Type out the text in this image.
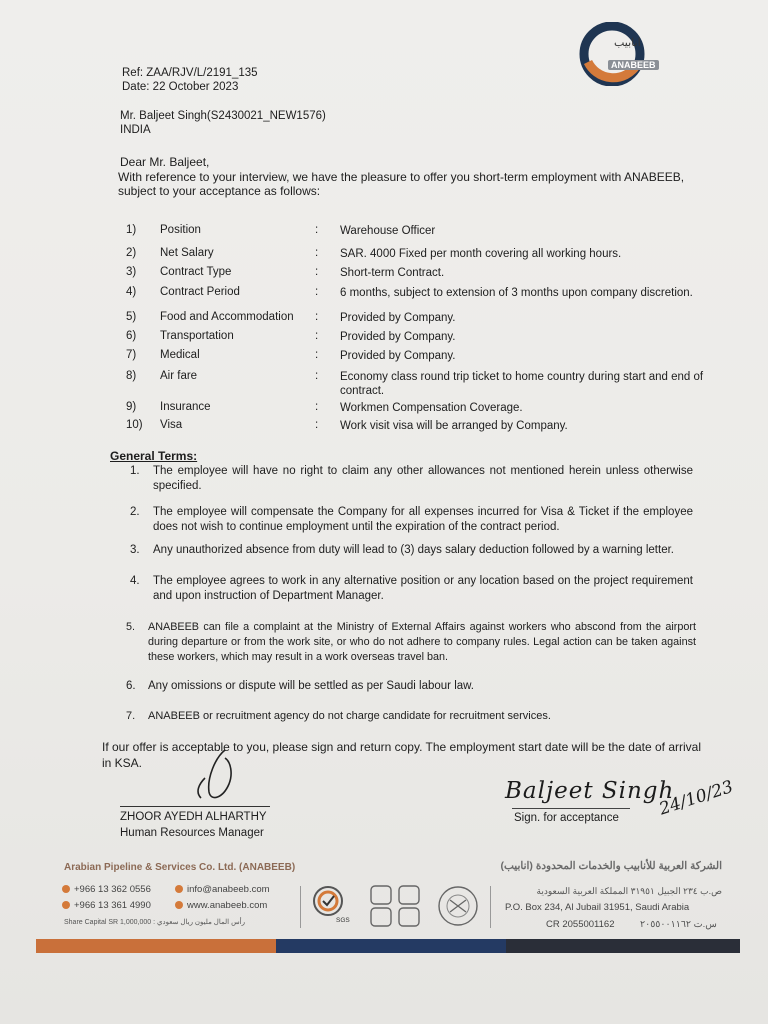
انابيب
ANABEEB
Ref: ZAA/RJV/L/2191_135
Date: 22 October 2023
Mr. Baljeet Singh(S2430021_NEW1576)
INDIA
Dear Mr. Baljeet,
With reference to your interview, we have the pleasure to offer you short-term employment with ANABEEB, subject to your acceptance as follows:
1) Position	: Warehouse Officer
2) Net Salary	: SAR. 4000 Fixed per month covering all working hours.
3) Contract Type	: Short-term Contract.
4) Contract Period	: 6 months, subject to extension of 3 months upon company discretion.
5) Food and Accommodation : Provided by Company.
6) Transportation	: Provided by Company.
7) Medical	: Provided by Company.
8) Air fare	: Economy class round trip ticket to home country during start and end of contract.
9) Insurance	: Workmen Compensation Coverage.
10) Visa	: Work visit visa will be arranged by Company.
General Terms:
1. The employee will have no right to claim any other allowances not mentioned herein unless otherwise specified.
2. The employee will compensate the Company for all expenses incurred for Visa & Ticket if the employee does not wish to continue employment until the expiration of the contract period.
3. Any unauthorized absence from duty will lead to (3) days salary deduction followed by a warning letter.
4. The employee agrees to work in any alternative position or any location based on the project requirement and upon instruction of Department Manager.
5. ANABEEB can file a complaint at the Ministry of External Affairs against workers who abscond from the airport during departure or from the work site, or who do not adhere to company rules. Legal action can be taken against these workers, which may result in a work overseas travel ban.
6. Any omissions or dispute will be settled as per Saudi labour law.
7. ANABEEB or recruitment agency do not charge candidate for recruitment services.
If our offer is acceptable to you, please sign and return copy. The employment start date will be the date of arrival in KSA.
ZHOOR AYEDH ALHARTHY
Human Resources Manager
Baljeet Singh
24/10/23
Sign. for acceptance
Arabian Pipeline & Services Co. Ltd. (ANABEEB)	الشركة العربية للأنابيب والخدمات المحدودة (انابيب)
+966 13 362 0556
+966 13 361 4990
info@anabeeb.com
www.anabeeb.com
Share Capital SR 1,000,000 : رأس المال مليون ريال سعودي	SGS
ص.ب ٢٣٤ الجبيل ٣١٩٥١ المملكة العربية السعودية
P.O. Box 234, Al Jubail 31951, Saudi Arabia
CR 2055001162	س.ت ٢٠٥٥٠٠١١٦٢
